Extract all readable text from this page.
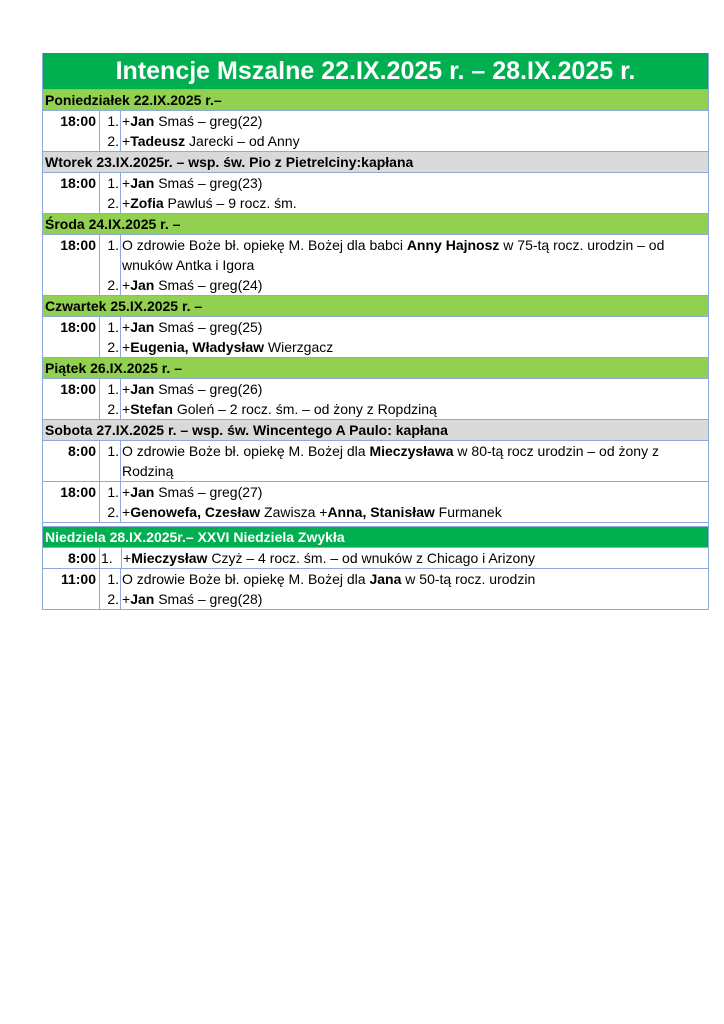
Intencje Mszalne 22.IX.2025 r. – 28.IX.2025 r.
Poniedziałek 22.IX.2025 r.–
18:00	1.	+Jan Smaś – greg(22)
	2.	+Tadeusz Jarecki – od Anny
Wtorek 23.IX.2025r. – wsp. św. Pio z Pietrelciny:kapłana
18:00	1.	+Jan Smaś – greg(23)
	2.	+Zofia Pawluś – 9 rocz. śm.
Środa 24.IX.2025 r. –
18:00	1.	O zdrowie Boże bł. opiekę M. Bożej dla babci Anny Hajnosz w 75-tą rocz. urodzin – od wnuków Antka i Igora
	2.	+Jan Smaś – greg(24)
Czwartek 25.IX.2025 r. –
18:00	1.	+Jan Smaś – greg(25)
	2.	+Eugenia, Władysław Wierzgacz
Piątek 26.IX.2025 r. –
18:00	1.	+Jan Smaś – greg(26)
	2.	+Stefan Goleń – 2 rocz. śm. – od żony z Ropdziną
Sobota 27.IX.2025 r. – wsp. św. Wincentego A Paulo: kapłana
8:00	1.	O zdrowie Boże bł. opiekę M. Bożej dla Mieczysława w 80-tą rocz urodzin – od żony z Rodziną
18:00	1.	+Jan Smaś – greg(27)
	2.	+Genowefa, Czesław Zawisza +Anna, Stanisław Furmanek
Niedziela 28.IX.2025r.– XXVI Niedziela Zwykła
8:00	1.	+Mieczysław Czyż – 4 rocz. śm. – od wnuków z Chicago i Arizony
11:00	1.	O zdrowie Boże bł. opiekę M. Bożej dla Jana w 50-tą rocz. urodzin
	2.	+Jan Smaś – greg(28)
